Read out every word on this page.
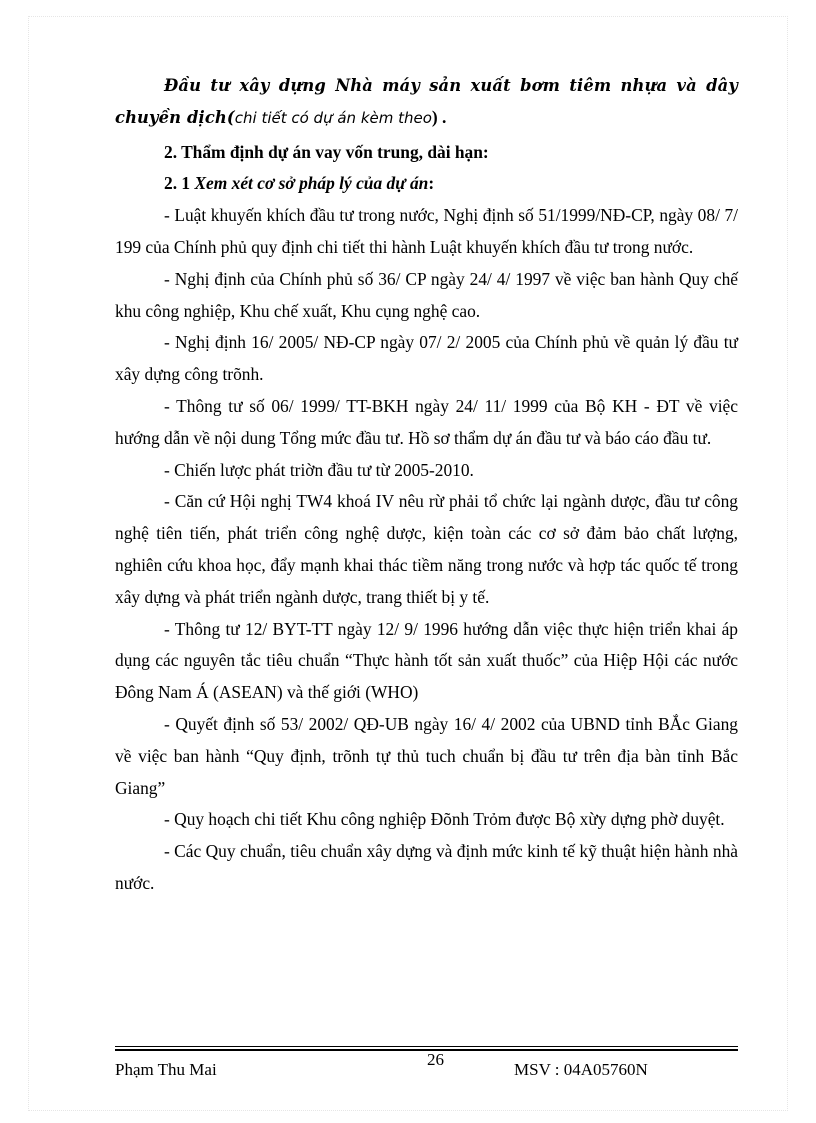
Đầu tư xây dựng Nhà máy sản xuất bơm tiêm nhựa và dây chuyền dịch(chi tiết có dự án kèm theo) .

2. Thẩm định dự án vay vốn trung, dài hạn:

2. 1 Xem xét cơ sở pháp lý của dự án:

- Luật khuyến khích đầu tư trong nước, Nghị định số 51/1999/NĐ-CP, ngày 08/ 7/ 199 của Chính phủ quy định chi tiết thi hành Luật khuyến khích đầu tư trong nước.

- Nghị định của Chính phủ số 36/ CP ngày 24/ 4/ 1997 về việc ban hành Quy chế khu công nghiệp, Khu chế xuất, Khu cụng nghệ cao.

- Nghị định 16/ 2005/ NĐ-CP ngày 07/ 2/ 2005 của Chính phủ về quản lý đầu tư xây dựng công trõnh.

- Thông tư số 06/ 1999/ TT-BKH ngày 24/ 11/ 1999 của Bộ KH - ĐT về việc hướng dẫn về nội dung Tổng mức đầu tư. Hồ sơ thẩm dự án đầu tư và báo cáo đầu tư.

- Chiến lược phát triờn đầu tư từ 2005-2010.

- Căn cứ Hội nghị TW4 khoá IV nêu rừ phải tổ chức lại ngành dược, đầu tư công nghệ tiên tiến, phát triển công nghệ dược, kiện toàn các cơ sở đảm bảo chất lượng, nghiên cứu khoa học, đẩy mạnh khai thác tiềm năng trong nước và hợp tác quốc tế trong xây dựng và phát triển ngành dược, trang thiết bị y tế.

- Thông tư 12/ BYT-TT ngày 12/ 9/ 1996 hướng dẫn việc thực hiện triển khai áp dụng các nguyên tắc tiêu chuẩn “Thực hành tốt sản xuất thuốc” của Hiệp Hội các nước Đông Nam Á (ASEAN) và thế giới (WHO)

- Quyết định số 53/ 2002/ QĐ-UB ngày 16/ 4/ 2002 của UBND tỉnh BẮc Giang về việc ban hành “Quy định, trõnh tự thủ tuch chuẩn bị đầu tư trên địa bàn tỉnh Bắc Giang”

- Quy hoạch chi tiết Khu công nghiệp Đõnh Trỏm được Bộ xừy dựng phờ duyệt.

- Các Quy chuẩn, tiêu chuẩn xây dựng và định mức kinh tế kỹ thuật hiện hành nhà nước.

Phạm Thu Mai
26
MSV : 04A05760N
